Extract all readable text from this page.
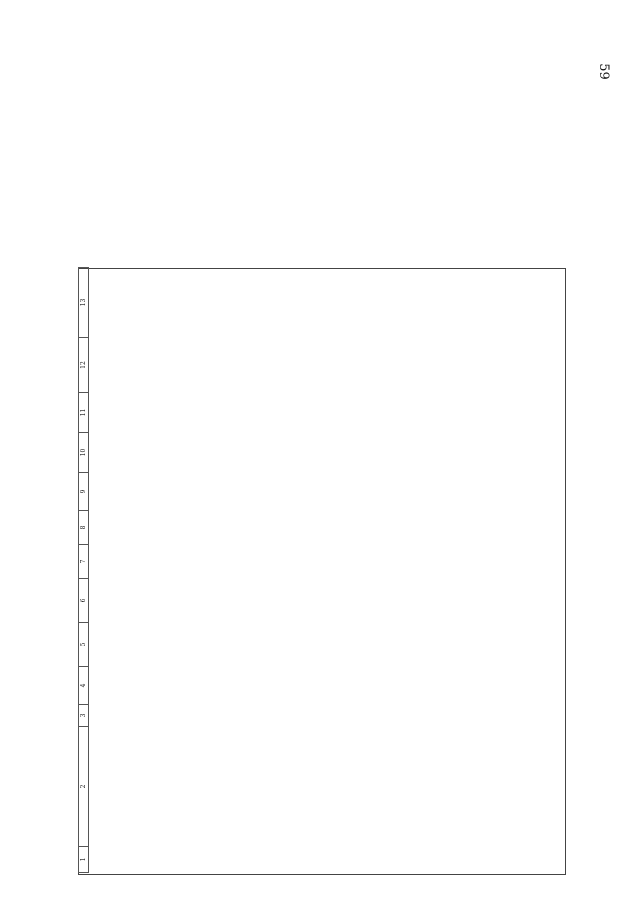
59
1	2	3	4	5	6	7	8	9	10	11	12	13
